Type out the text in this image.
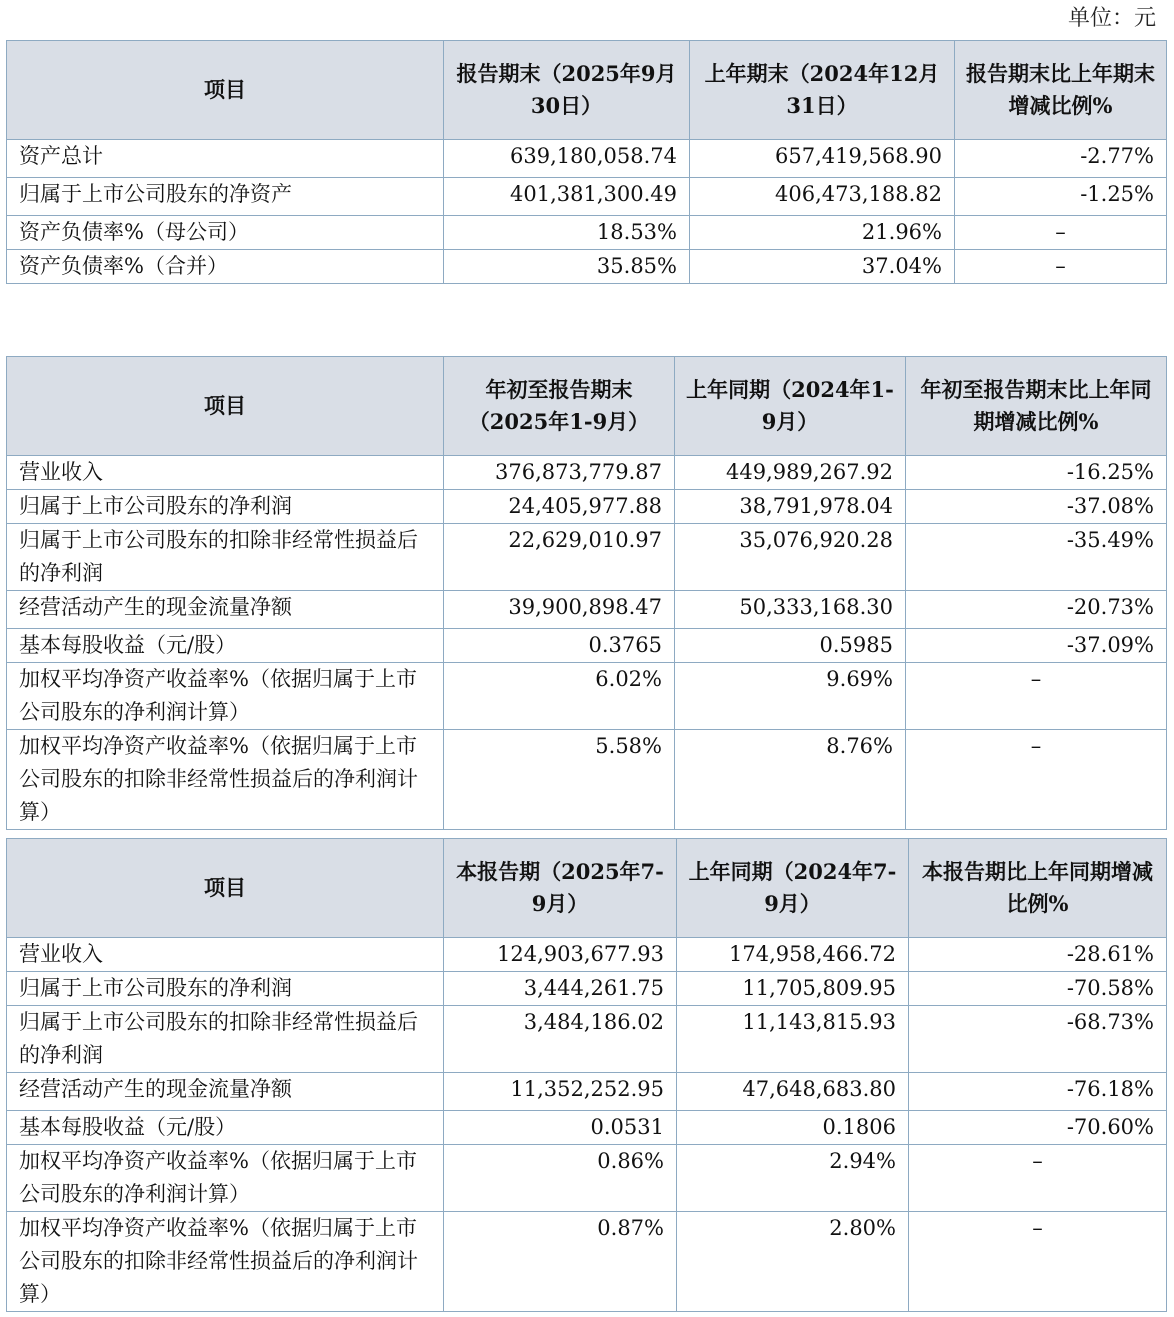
单位：元
项目	报告期末（2025年9月30日）	上年期末（2024年12月31日）	报告期末比上年期末增减比例%
资产总计	639,180,058.74	657,419,568.90	-2.77%
归属于上市公司股东的净资产	401,381,300.49	406,473,188.82	-1.25%
资产负债率%（母公司）	18.53%	21.96%	–
资产负债率%（合并）	35.85%	37.04%	–
项目	年初至报告期末（2025年1-9月）	上年同期（2024年1-9月）	年初至报告期末比上年同期增减比例%
营业收入	376,873,779.87	449,989,267.92	-16.25%
归属于上市公司股东的净利润	24,405,977.88	38,791,978.04	-37.08%
归属于上市公司股东的扣除非经常性损益后的净利润	22,629,010.97	35,076,920.28	-35.49%
经营活动产生的现金流量净额	39,900,898.47	50,333,168.30	-20.73%
基本每股收益（元/股）	0.3765	0.5985	-37.09%
加权平均净资产收益率%（依据归属于上市公司股东的净利润计算）	6.02%	9.69%	–
加权平均净资产收益率%（依据归属于上市公司股东的扣除非经常性损益后的净利润计算）	5.58%	8.76%	–
项目	本报告期（2025年7-9月）	上年同期（2024年7-9月）	本报告期比上年同期增减比例%
营业收入	124,903,677.93	174,958,466.72	-28.61%
归属于上市公司股东的净利润	3,444,261.75	11,705,809.95	-70.58%
归属于上市公司股东的扣除非经常性损益后的净利润	3,484,186.02	11,143,815.93	-68.73%
经营活动产生的现金流量净额	11,352,252.95	47,648,683.80	-76.18%
基本每股收益（元/股）	0.0531	0.1806	-70.60%
加权平均净资产收益率%（依据归属于上市公司股东的净利润计算）	0.86%	2.94%	–
加权平均净资产收益率%（依据归属于上市公司股东的扣除非经常性损益后的净利润计算）	0.87%	2.80%	–
